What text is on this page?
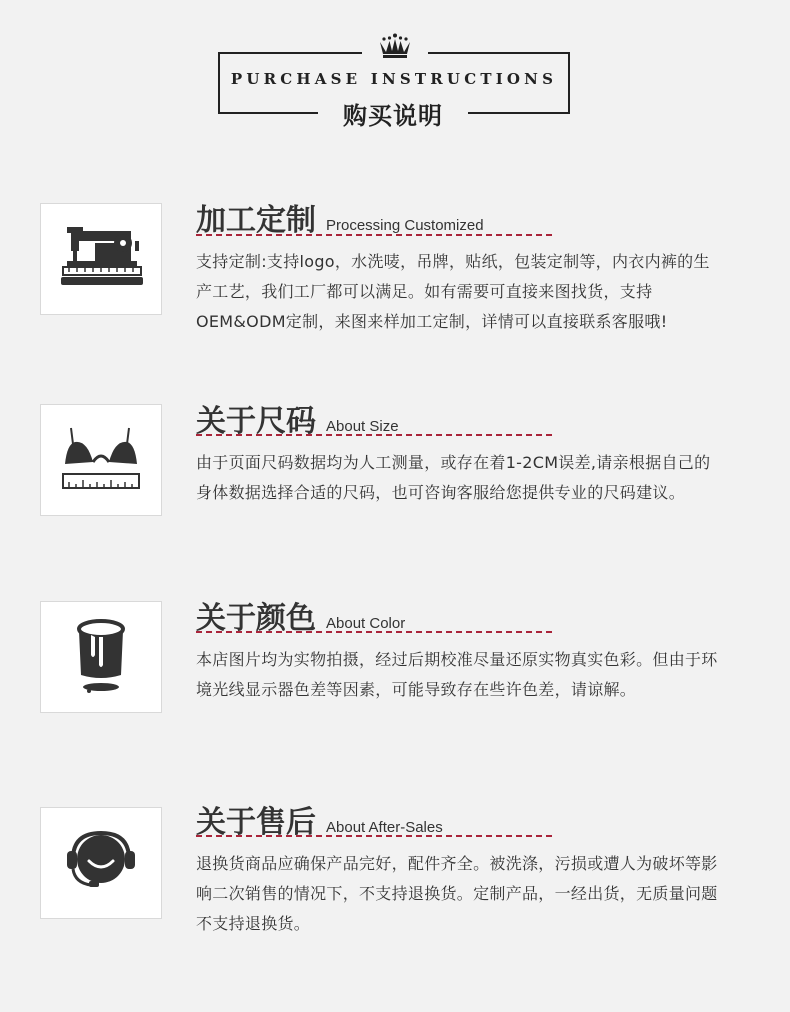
PURCHASE INSTRUCTIONS
购买说明
加工定制 Processing Customized
支持定制:支持logo，水洗唛，吊牌，贴纸，包装定制等，内衣内裤的生产工艺，我们工厂都可以满足。如有需要可直接来图找货，支持OEM&ODM定制，来图来样加工定制，详情可以直接联系客服哦!
关于尺码 About Size
由于页面尺码数据均为人工测量，或存在着1-2CM误差,请亲根据自己的身体数据选择合适的尺码，也可咨询客服给您提供专业的尺码建议。
关于颜色 About Color
本店图片均为实物拍摄，经过后期校准尽量还原实物真实色彩。但由于环境光线显示器色差等因素，可能导致存在些许色差，请谅解。
关于售后 About After-Sales
退换货商品应确保产品完好，配件齐全。被洗涤，污损或遭人为破坏等影响二次销售的情况下，不支持退换货。定制产品，一经出货，无质量问题不支持退换货。
